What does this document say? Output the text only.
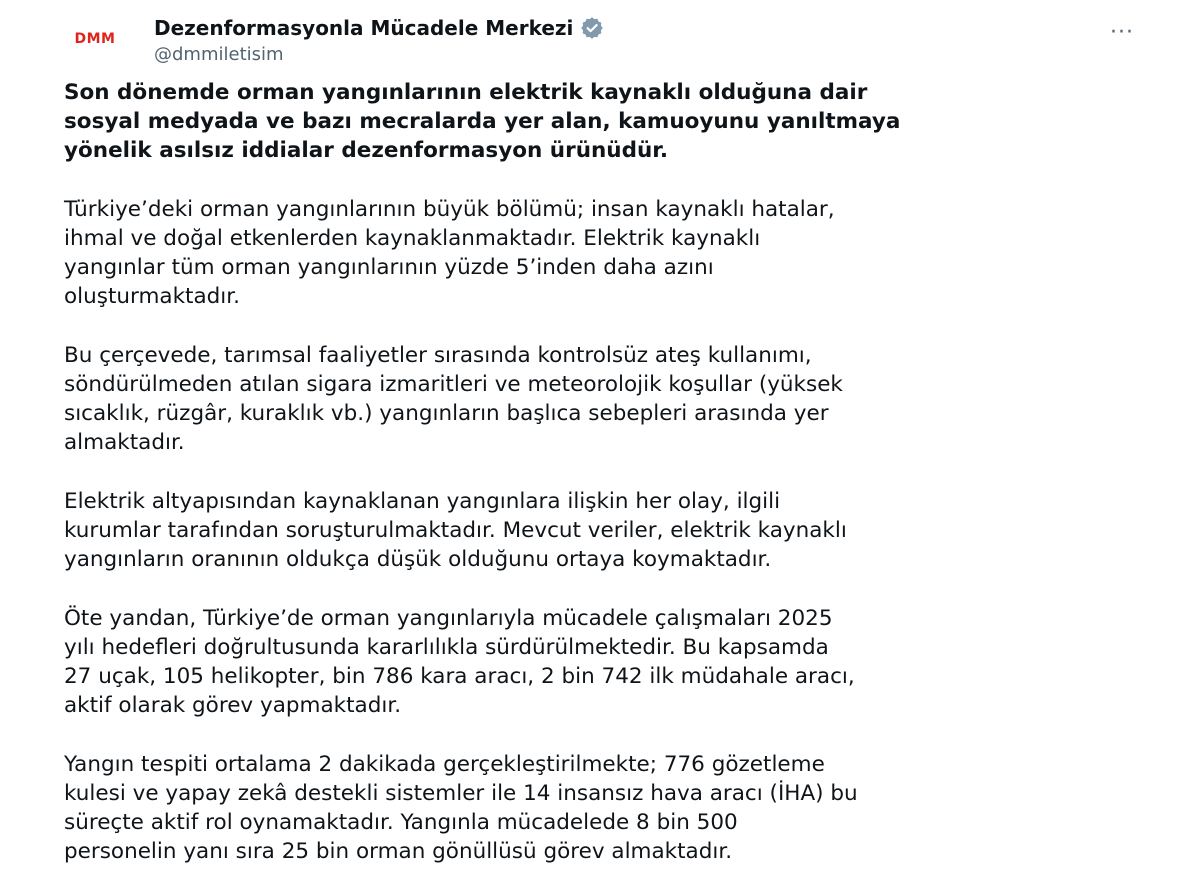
DMM Dezenformasyonla Mücadele Merkezi
@dmmiletisim
···

Son dönemde orman yangınlarının elektrik kaynaklı olduğuna dair
sosyal medyada ve bazı mecralarda yer alan, kamuoyunu yanıltmaya
yönelik asılsız iddialar dezenformasyon ürünüdür.

Türkiye’deki orman yangınlarının büyük bölümü; insan kaynaklı hatalar,
ihmal ve doğal etkenlerden kaynaklanmaktadır. Elektrik kaynaklı
yangınlar tüm orman yangınlarının yüzde 5’inden daha azını
oluşturmaktadır.

Bu çerçevede, tarımsal faaliyetler sırasında kontrolsüz ateş kullanımı,
söndürülmeden atılan sigara izmaritleri ve meteorolojik koşullar (yüksek
sıcaklık, rüzgâr, kuraklık vb.) yangınların başlıca sebepleri arasında yer
almaktadır.

Elektrik altyapısından kaynaklanan yangınlara ilişkin her olay, ilgili
kurumlar tarafından soruşturulmaktadır. Mevcut veriler, elektrik kaynaklı
yangınların oranının oldukça düşük olduğunu ortaya koymaktadır.

Öte yandan, Türkiye’de orman yangınlarıyla mücadele çalışmaları 2025
yılı hedefleri doğrultusunda kararlılıkla sürdürülmektedir. Bu kapsamda
27 uçak, 105 helikopter, bin 786 kara aracı, 2 bin 742 ilk müdahale aracı,
aktif olarak görev yapmaktadır.

Yangın tespiti ortalama 2 dakikada gerçekleştirilmekte; 776 gözetleme
kulesi ve yapay zekâ destekli sistemler ile 14 insansız hava aracı (İHA) bu
süreçte aktif rol oynamaktadır. Yangınla mücadelede 8 bin 500
personelin yanı sıra 25 bin orman gönüllüsü görev almaktadır.
